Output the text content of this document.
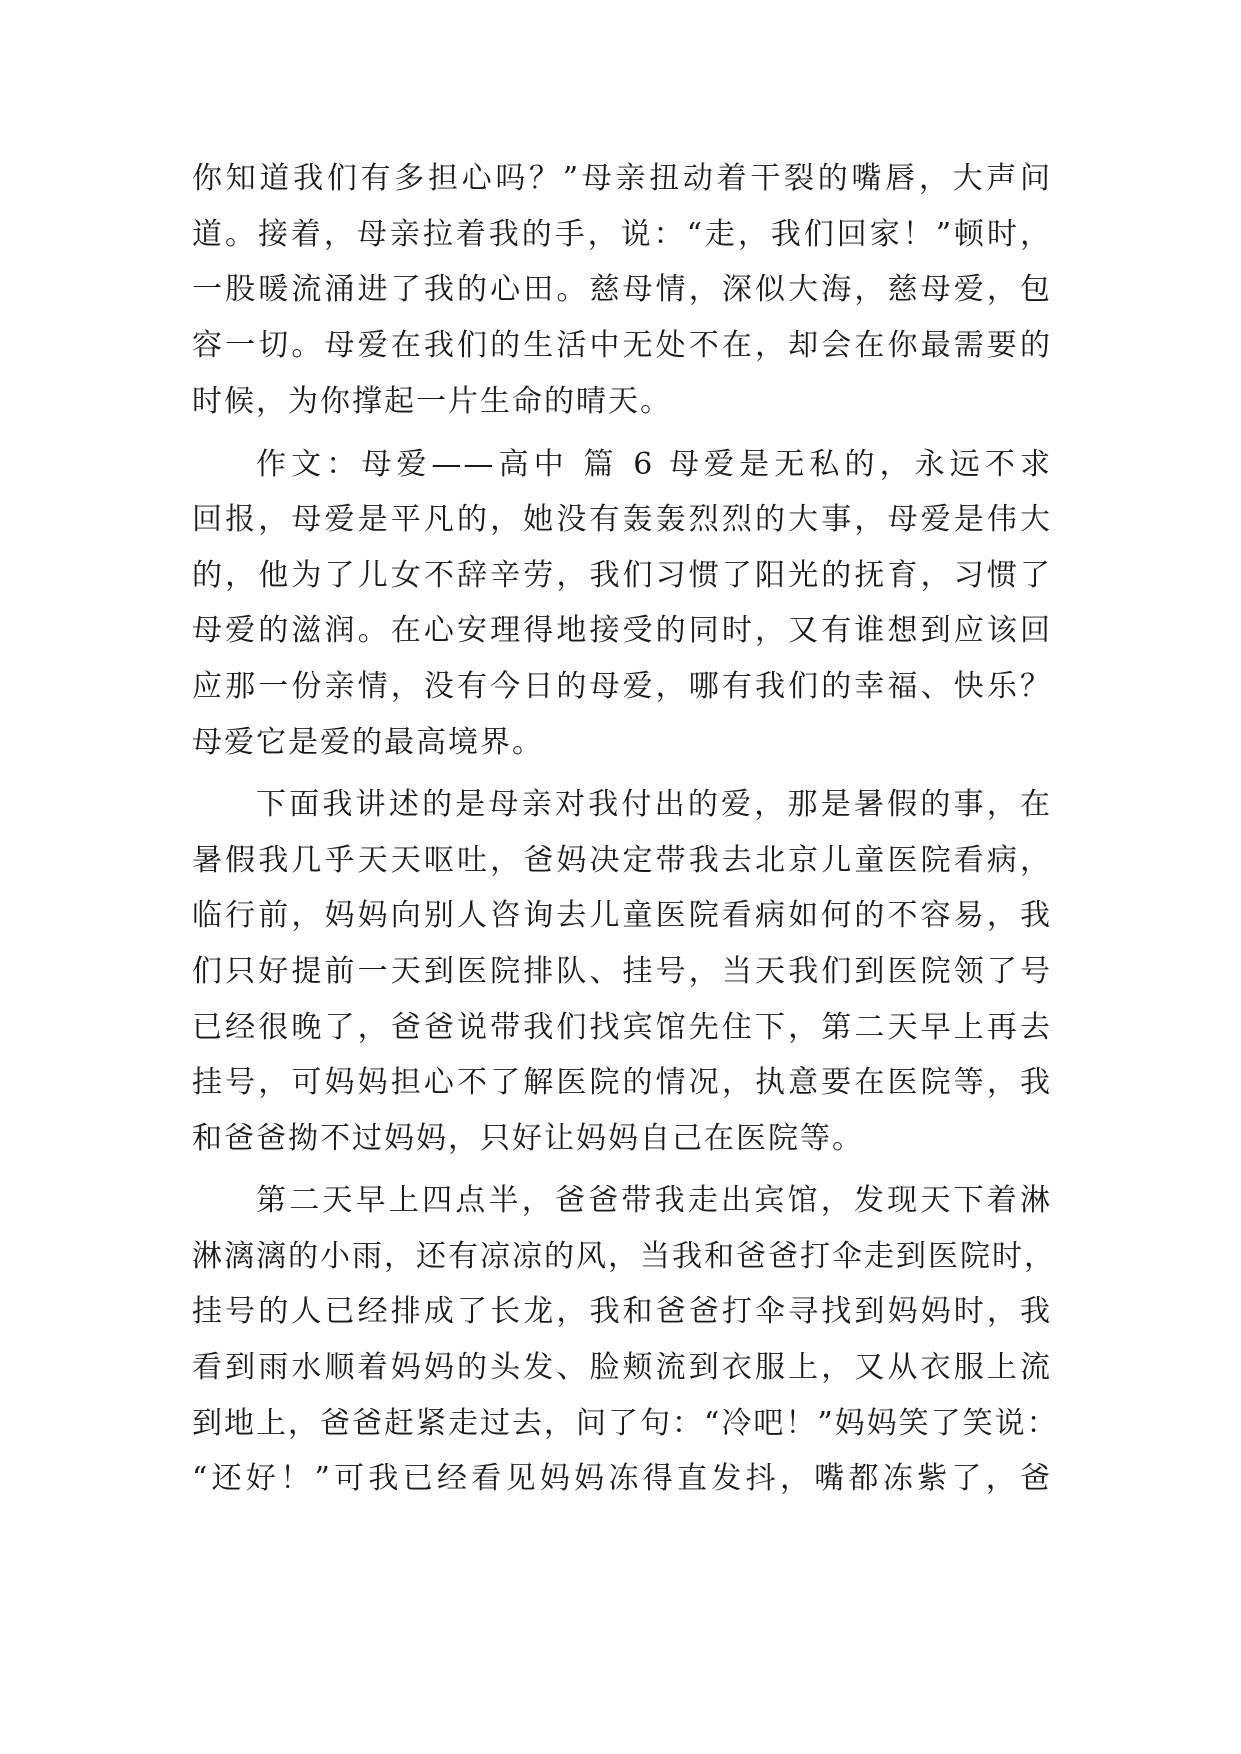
你知道我们有多担心吗？”母亲扭动着干裂的嘴唇，大声问
道。接着，母亲拉着我的手，说：“走，我们回家！”顿时，
一股暖流涌进了我的心田。慈母情，深似大海，慈母爱，包
容一切。母爱在我们的生活中无处不在，却会在你最需要的
时候，为你撑起一片生命的晴天。
作文：母爱——高中 篇 6 母爱是无私的，永远不求
回报，母爱是平凡的，她没有轰轰烈烈的大事，母爱是伟大
的，他为了儿女不辞辛劳，我们习惯了阳光的抚育，习惯了
母爱的滋润。在心安理得地接受的同时，又有谁想到应该回
应那一份亲情，没有今日的母爱，哪有我们的幸福、快乐？
母爱它是爱的最高境界。
下面我讲述的是母亲对我付出的爱，那是暑假的事，在
暑假我几乎天天呕吐，爸妈决定带我去北京儿童医院看病，
临行前，妈妈向别人咨询去儿童医院看病如何的不容易，我
们只好提前一天到医院排队、挂号，当天我们到医院领了号
已经很晚了，爸爸说带我们找宾馆先住下，第二天早上再去
挂号，可妈妈担心不了解医院的情况，执意要在医院等，我
和爸爸拗不过妈妈，只好让妈妈自己在医院等。
第二天早上四点半，爸爸带我走出宾馆，发现天下着淋
淋漓漓的小雨，还有凉凉的风，当我和爸爸打伞走到医院时，
挂号的人已经排成了长龙，我和爸爸打伞寻找到妈妈时，我
看到雨水顺着妈妈的头发、脸颊流到衣服上，又从衣服上流
到地上，爸爸赶紧走过去，问了句：“冷吧！”妈妈笑了笑说：
“还好！”可我已经看见妈妈冻得直发抖，嘴都冻紫了，爸
